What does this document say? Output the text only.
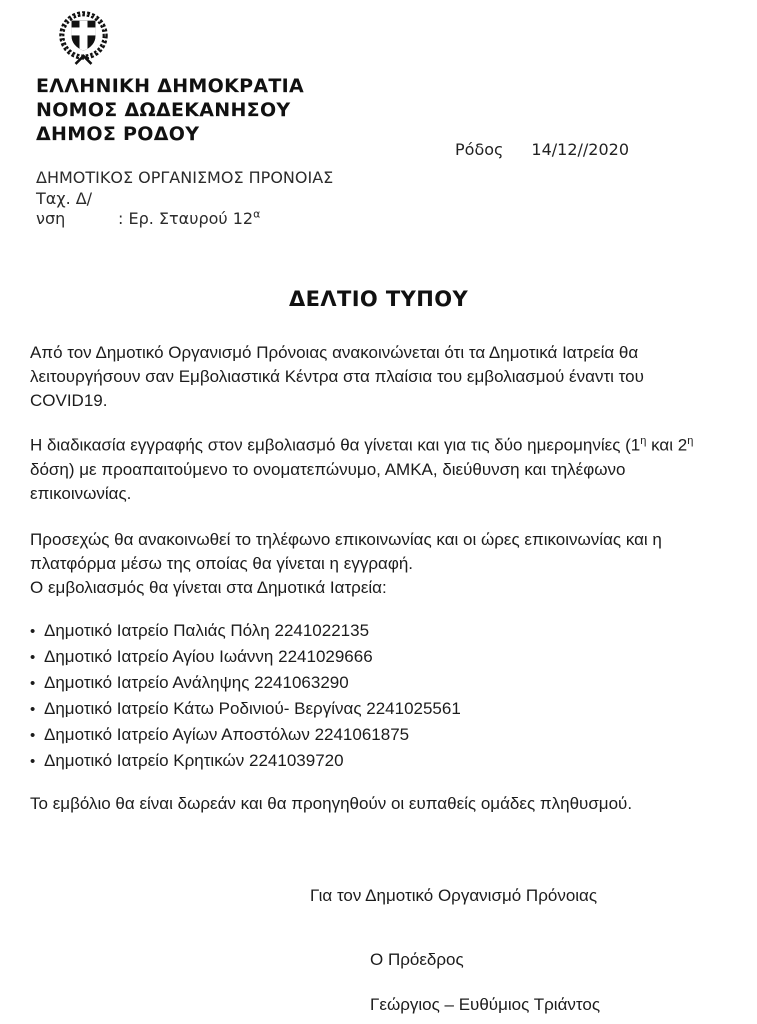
ΕΛΛΗΝΙΚΗ ΔΗΜΟΚΡΑΤΙΑ
ΝΟΜΟΣ ΔΩΔΕΚΑΝΗΣΟΥ
ΔΗΜΟΣ ΡΟΔΟΥ
Ρόδος 14/12//2020
ΔΗΜΟΤΙΚΟΣ ΟΡΓΑΝΙΣΜΟΣ ΠΡΟΝΟΙΑΣ
Ταχ. Δ/νση	: Ερ. Σταυρού $12^\alpha$
ΔΕΛΤΙΟ ΤΥΠΟΥ
Από τον Δημοτικό Οργανισμό Πρόνοιας ανακοινώνεται ότι τα Δημοτικά Ιατρεία θα λειτουργήσουν σαν Εμβολιαστικά Κέντρα στα πλαίσια του εμβολιασμού έναντι του COVID19.
Η διαδικασία εγγραφής στον εμβολιασμό θα γίνεται και για τις δύο ημερομηνίες ($1^\eta$ και $2^\eta$ δόση) με προαπαιτούμενο το ονοματεπώνυμο, ΑΜΚΑ, διεύθυνση και τηλέφωνο επικοινωνίας.
Προσεχώς θα ανακοινωθεί το τηλέφωνο επικοινωνίας και οι ώρες επικοινωνίας και η πλατφόρμα μέσω της οποίας θα γίνεται η εγγραφή.
Ο εμβολιασμός θα γίνεται στα Δημοτικά Ιατρεία:
• Δημοτικό Ιατρείο Παλιάς Πόλη 2241022135
• Δημοτικό Ιατρείο Αγίου Ιωάννη 2241029666
• Δημοτικό Ιατρείο Ανάληψης 2241063290
• Δημοτικό Ιατρείο Κάτω Ροδινιού- Βεργίνας 2241025561
• Δημοτικό Ιατρείο Αγίων Αποστόλων 2241061875
• Δημοτικό Ιατρείο Κρητικών 2241039720
Το εμβόλιο θα είναι δωρεάν και θα προηγηθούν οι ευπαθείς ομάδες πληθυσμού.
Για τον Δημοτικό Οργανισμό Πρόνοιας
Ο Πρόεδρος
Γεώργιος – Ευθύμιος Τριάντος
